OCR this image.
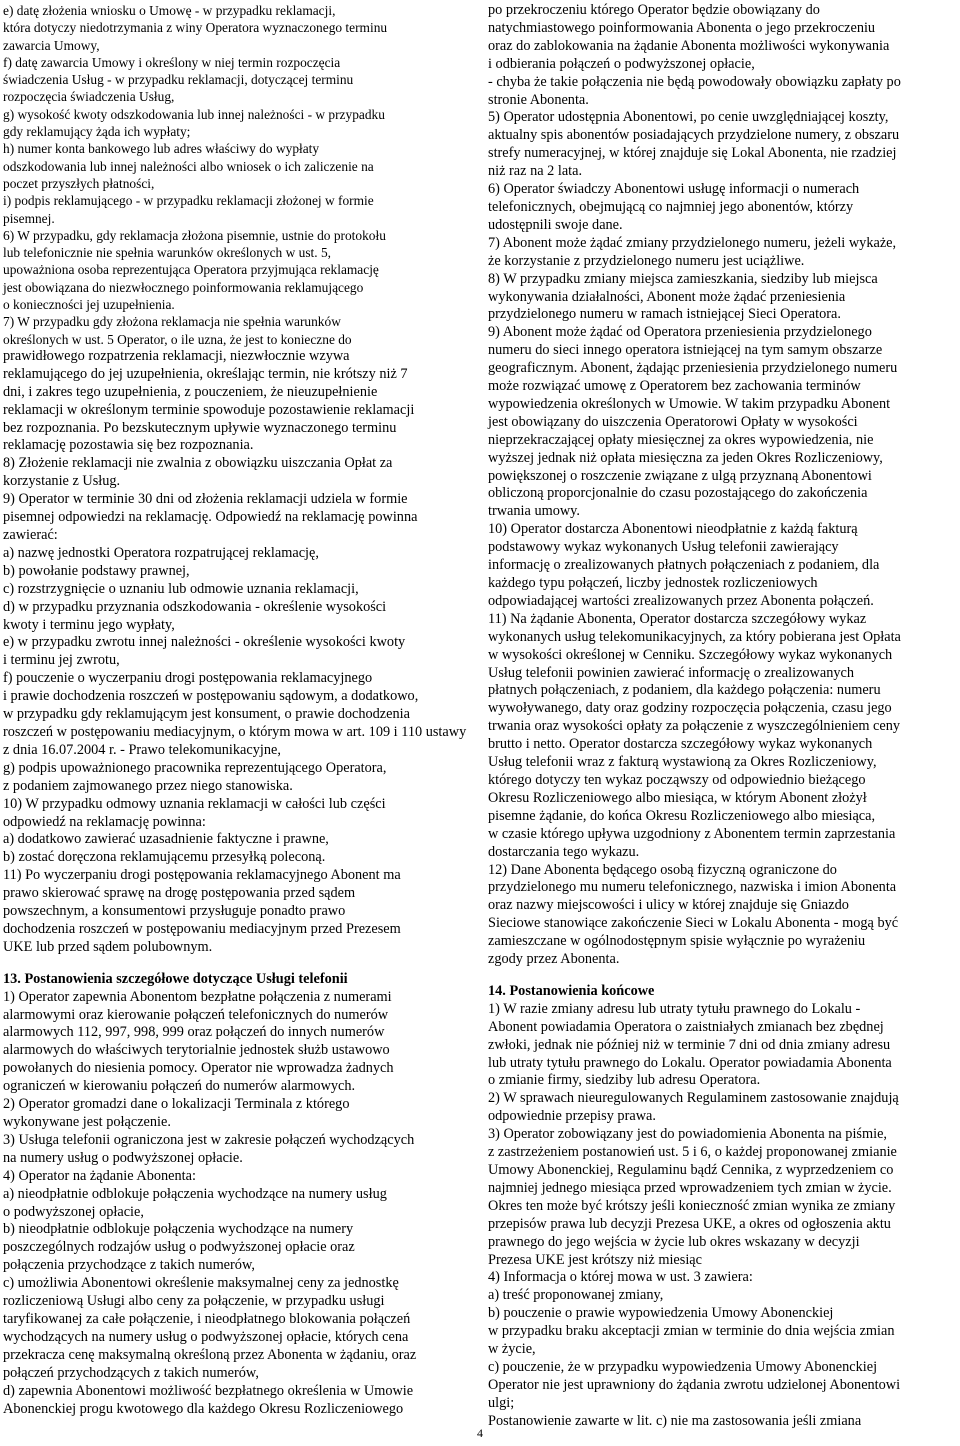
e) datę złożenia wniosku o Umowę - w przypadku reklamacji,
która dotyczy niedotrzymania z winy Operatora wyznaczonego terminu
zawarcia Umowy,
f) datę zawarcia Umowy i określony w niej termin rozpoczęcia
świadczenia Usług - w przypadku reklamacji, dotyczącej terminu
rozpoczęcia świadczenia Usług,
g) wysokość kwoty odszkodowania lub innej należności - w przypadku
gdy reklamujący żąda ich wypłaty;
h) numer konta bankowego lub adres właściwy do wypłaty
odszkodowania lub innej należności albo wniosek o ich zaliczenie na
poczet przyszłych płatności,
i) podpis reklamującego - w przypadku reklamacji złożonej w formie
pisemnej.
6) W przypadku, gdy reklamacja złożona pisemnie, ustnie do protokołu
lub telefonicznie nie spełnia warunków określonych w ust. 5,
upoważniona osoba reprezentująca Operatora przyjmująca reklamację
jest obowiązana do niezwłocznego poinformowania reklamującego
o konieczności jej uzupełnienia.
7) W przypadku gdy złożona reklamacja nie spełnia warunków
określonych w ust. 5 Operator, o ile uzna, że jest to konieczne do

prawidłowego rozpatrzenia reklamacji, niezwłocznie wzywa
reklamującego do jej uzupełnienia, określając termin, nie krótszy niż 7
dni, i zakres tego uzupełnienia, z pouczeniem, że nieuzupełnienie
reklamacji w określonym terminie spowoduje pozostawienie reklamacji
bez rozpoznania. Po bezskutecznym upływie wyznaczonego terminu
reklamację pozostawia się bez rozpoznania.
8) Złożenie reklamacji nie zwalnia z obowiązku uiszczania Opłat za
korzystanie z Usług.
9) Operator w terminie 30 dni od złożenia reklamacji udziela w formie
pisemnej odpowiedzi na reklamację. Odpowiedź na reklamację powinna
zawierać:
a) nazwę jednostki Operatora rozpatrującej reklamację,
b) powołanie podstawy prawnej,
c) rozstrzygnięcie o uznaniu lub odmowie uznania reklamacji,
d) w przypadku przyznania odszkodowania - określenie wysokości
kwoty i terminu jego wypłaty,
e) w przypadku zwrotu innej należności - określenie wysokości kwoty
i terminu jej zwrotu,
f) pouczenie o wyczerpaniu drogi postępowania reklamacyjnego
i prawie dochodzenia roszczeń w postępowaniu sądowym, a dodatkowo,
w przypadku gdy reklamującym jest konsument, o prawie dochodzenia
roszczeń w postępowaniu mediacyjnym, o którym mowa w art. 109 i 110 ustawy
z dnia 16.07.2004 r. - Prawo telekomunikacyjne,
g) podpis upoważnionego pracownika reprezentującego Operatora,
z podaniem zajmowanego przez niego stanowiska.
10) W przypadku odmowy uznania reklamacji w całości lub części
odpowiedź na reklamację powinna:
a) dodatkowo zawierać uzasadnienie faktyczne i prawne,
b) zostać doręczona reklamującemu przesyłką poleconą.
11) Po wyczerpaniu drogi postępowania reklamacyjnego Abonent ma
prawo skierować sprawę na drogę postępowania przed sądem
powszechnym, a konsumentowi przysługuje ponadto prawo
dochodzenia roszczeń w postępowaniu mediacyjnym przed Prezesem
UKE lub przed sądem polubownym.

13. Postanowienia szczegółowe dotyczące Usługi telefonii

1) Operator zapewnia Abonentom bezpłatne połączenia z numerami
alarmowymi oraz kierowanie połączeń telefonicznych do numerów
alarmowych 112, 997, 998, 999 oraz połączeń do innych numerów
alarmowych do właściwych terytorialnie jednostek służb ustawowo
powołanych do niesienia pomocy. Operator nie wprowadza żadnych
ograniczeń w kierowaniu połączeń do numerów alarmowych.
2) Operator gromadzi dane o lokalizacji Terminala z którego
wykonywane jest połączenie.
3) Usługa telefonii ograniczona jest w zakresie połączeń wychodzących
na numery usług o podwyższonej opłacie.
4) Operator na żądanie Abonenta:
a) nieodpłatnie odblokuje połączenia wychodzące na numery usług
o podwyższonej opłacie,
b) nieodpłatnie odblokuje połączenia wychodzące na numery
poszczególnych rodzajów usług o podwyższonej opłacie oraz
połączenia przychodzące z takich numerów,
c) umożliwia Abonentowi określenie maksymalnej ceny za jednostkę
rozliczeniową Usługi albo ceny za połączenie, w przypadku usługi
taryfikowanej za całe połączenie, i nieodpłatnego blokowania połączeń
wychodzących na numery usług o podwyższonej opłacie, których cena
przekracza cenę maksymalną określoną przez Abonenta w żądaniu, oraz
połączeń przychodzących z takich numerów,
d) zapewnia Abonentowi możliwość bezpłatnego określenia w Umowie
Abonenckiej progu kwotowego dla każdego Okresu Rozliczeniowego

po przekroczeniu którego Operator będzie obowiązany do
natychmiastowego poinformowania Abonenta o jego przekroczeniu
oraz do zablokowania na żądanie Abonenta możliwości wykonywania
i odbierania połączeń o podwyższonej opłacie,
- chyba że takie połączenia nie będą powodowały obowiązku zapłaty po
stronie Abonenta.
5) Operator udostępnia Abonentowi, po cenie uwzględniającej koszty,
aktualny spis abonentów posiadających przydzielone numery, z obszaru
strefy numeracyjnej, w której znajduje się Lokal Abonenta, nie rzadziej
niż raz na 2 lata.
6) Operator świadczy Abonentowi usługę informacji o numerach
telefonicznych, obejmującą co najmniej jego abonentów, którzy
udostępnili swoje dane.
7) Abonent może żądać zmiany przydzielonego numeru, jeżeli wykaże,
że korzystanie z przydzielonego numeru jest uciążliwe.
8) W przypadku zmiany miejsca zamieszkania, siedziby lub miejsca
wykonywania działalności, Abonent może żądać przeniesienia
przydzielonego numeru w ramach istniejącej Sieci Operatora.
9) Abonent może żądać od Operatora przeniesienia przydzielonego
numeru do sieci innego operatora istniejącej na tym samym obszarze
geograficznym. Abonent, żądając przeniesienia przydzielonego numeru
może rozwiązać umowę z Operatorem bez zachowania terminów
wypowiedzenia określonych w Umowie. W takim przypadku Abonent
jest obowiązany do uiszczenia Operatorowi Opłaty w wysokości
nieprzekraczającej opłaty miesięcznej za okres wypowiedzenia, nie
wyższej jednak niż opłata miesięczna za jeden Okres Rozliczeniowy,
powiększonej o roszczenie związane z ulgą przyznaną Abonentowi
obliczoną proporcjonalnie do czasu pozostającego do zakończenia
trwania umowy.
10) Operator dostarcza Abonentowi nieodpłatnie z każdą fakturą
podstawowy wykaz wykonanych Usług telefonii zawierający
informację o zrealizowanych płatnych połączeniach z podaniem, dla
każdego typu połączeń, liczby jednostek rozliczeniowych
odpowiadającej wartości zrealizowanych przez Abonenta połączeń.
11) Na żądanie Abonenta, Operator dostarcza szczegółowy wykaz
wykonanych usług telekomunikacyjnych, za który pobierana jest Opłata
w wysokości określonej w Cenniku. Szczegółowy wykaz wykonanych
Usług telefonii powinien zawierać informację o zrealizowanych
płatnych połączeniach, z podaniem, dla każdego połączenia: numeru
wywoływanego, daty oraz godziny rozpoczęcia połączenia, czasu jego
trwania oraz wysokości opłaty za połączenie z wyszczególnieniem ceny
brutto i netto. Operator dostarcza szczegółowy wykaz wykonanych
Usług telefonii wraz z fakturą wystawioną za Okres Rozliczeniowy,
którego dotyczy ten wykaz począwszy od odpowiednio bieżącego
Okresu Rozliczeniowego albo miesiąca, w którym Abonent złożył
pisemne żądanie, do końca Okresu Rozliczeniowego albo miesiąca,
w czasie którego upływa uzgodniony z Abonentem termin zaprzestania
dostarczania tego wykazu.
12) Dane Abonenta będącego osobą fizyczną ograniczone do
przydzielonego mu numeru telefonicznego, nazwiska i imion Abonenta
oraz nazwy miejscowości i ulicy w której znajduje się Gniazdo
Sieciowe stanowiące zakończenie Sieci w Lokalu Abonenta - mogą być
zamieszczane w ogólnodostępnym spisie wyłącznie po wyrażeniu
zgody przez Abonenta.

14. Postanowienia końcowe

1) W razie zmiany adresu lub utraty tytułu prawnego do Lokalu -
Abonent powiadamia Operatora o zaistniałych zmianach bez zbędnej
zwłoki, jednak nie później niż w terminie 7 dni od dnia zmiany adresu
lub utraty tytułu prawnego do Lokalu. Operator powiadamia Abonenta
o zmianie firmy, siedziby lub adresu Operatora.
2) W sprawach nieuregulowanych Regulaminem zastosowanie znajdują
odpowiednie przepisy prawa.
3) Operator zobowiązany jest do powiadomienia Abonenta na piśmie,
z zastrzeżeniem postanowień ust. 5 i 6, o każdej proponowanej zmianie
Umowy Abonenckiej, Regulaminu bądź Cennika, z wyprzedzeniem co
najmniej jednego miesiąca przed wprowadzeniem tych zmian w życie.
Okres ten może być krótszy jeśli konieczność zmian wynika ze zmiany
przepisów prawa lub decyzji Prezesa UKE, a okres od ogłoszenia aktu
prawnego do jego wejścia w życie lub okres wskazany w decyzji
Prezesa UKE jest krótszy niż miesiąc
4) Informacja o której mowa w ust. 3 zawiera:
a) treść proponowanej zmiany,
b) pouczenie o prawie wypowiedzenia Umowy Abonenckiej
w przypadku braku akceptacji zmian w terminie do dnia wejścia zmian
w życie,
c) pouczenie, że w przypadku wypowiedzenia Umowy Abonenckiej
Operator nie jest uprawniony do żądania zwrotu udzielonej Abonentowi
ulgi;
Postanowienie zawarte w lit. c) nie ma zastosowania jeśli zmiana

4
